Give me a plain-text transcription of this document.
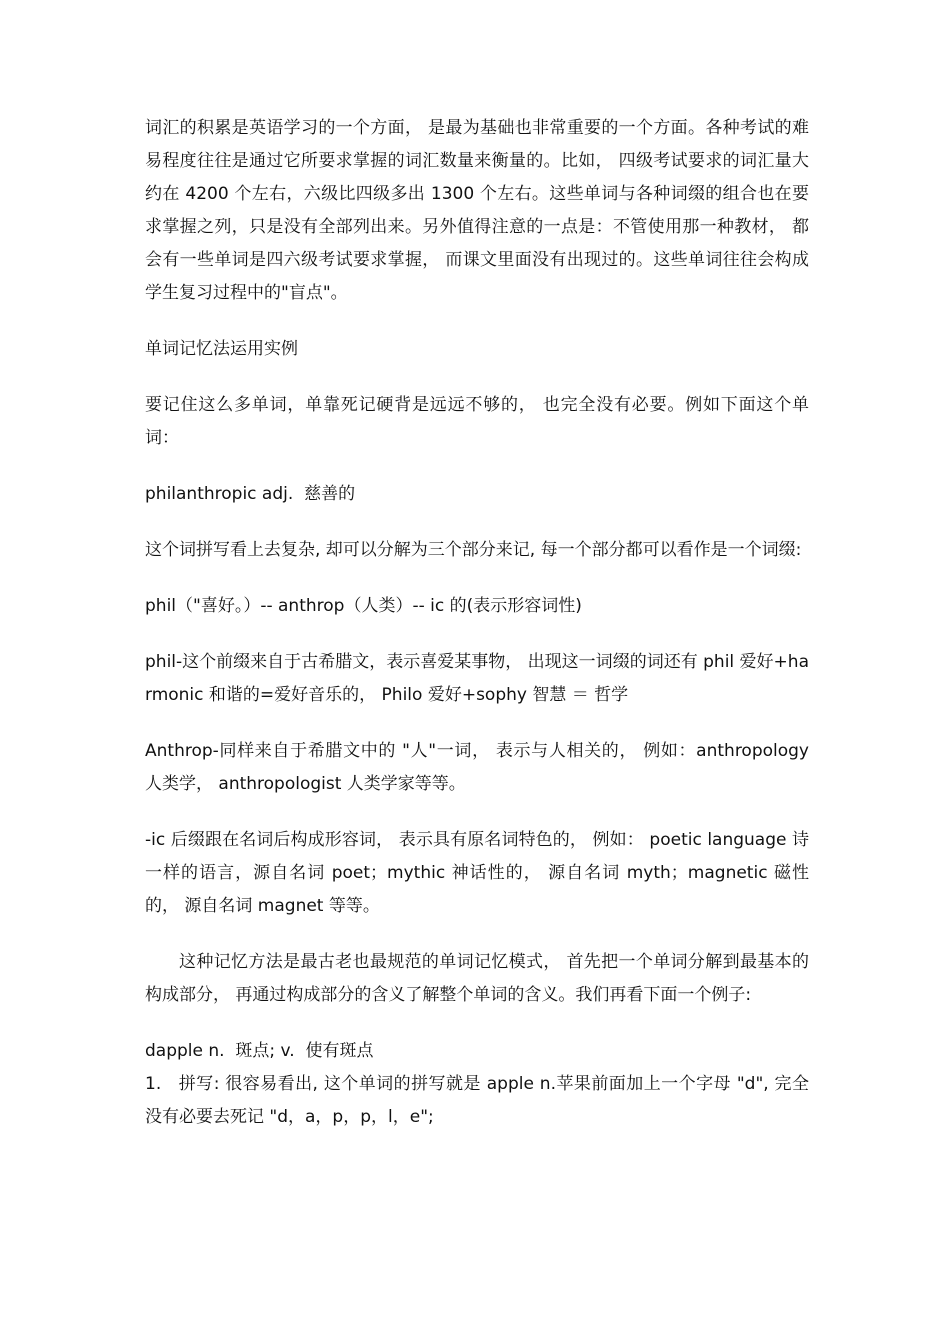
词汇的积累是英语学习的一个方面， 是最为基础也非常重要的一个方面。各种考试的难易程度往往是通过它所要求掌握的词汇数量来衡量的。比如， 四级考试要求的词汇量大约在 4200 个左右，六级比四级多出 1300 个左右。这些单词与各种词缀的组合也在要求掌握之列，只是没有全部列出来。另外值得注意的一点是：不管使用那一种教材， 都会有一些单词是四六级考试要求掌握， 而课文里面没有出现过的。这些单词往往会构成学生复习过程中的"盲点"。

单词记忆法运用实例

要记住这么多单词，单靠死记硬背是远远不够的， 也完全没有必要。例如下面这个单词：

philanthropic adj.  慈善的

这个词拼写看上去复杂, 却可以分解为三个部分来记, 每一个部分都可以看作是一个词缀:

phil（"喜好。）-- anthrop（人类）-- ic 的(表示形容词性)

phil-这个前缀来自于古希腊文，表示喜爱某事物， 出现这一词缀的词还有 phil 爱好+harmonic 和谐的=爱好音乐的， Philo 爱好+sophy 智慧 ＝ 哲学

Anthrop-同样来自于希腊文中的 "人"一词， 表示与人相关的， 例如：anthropology 人类学， anthropologist 人类学家等等。

-ic 后缀跟在名词后构成形容词， 表示具有原名词特色的， 例如： poetic language 诗一样的语言，源自名词 poet；mythic 神话性的， 源自名词 myth；magnetic 磁性的， 源自名词 magnet 等等。

这种记忆方法是最古老也最规范的单词记忆模式， 首先把一个单词分解到最基本的构成部分， 再通过构成部分的含义了解整个单词的含义。我们再看下面一个例子:

dapple n.  斑点; v.  使有斑点

1.   拼写: 很容易看出, 这个单词的拼写就是 apple n.苹果前面加上一个字母 "d", 完全没有必要去死记 "d，a，p，p，l，e";
